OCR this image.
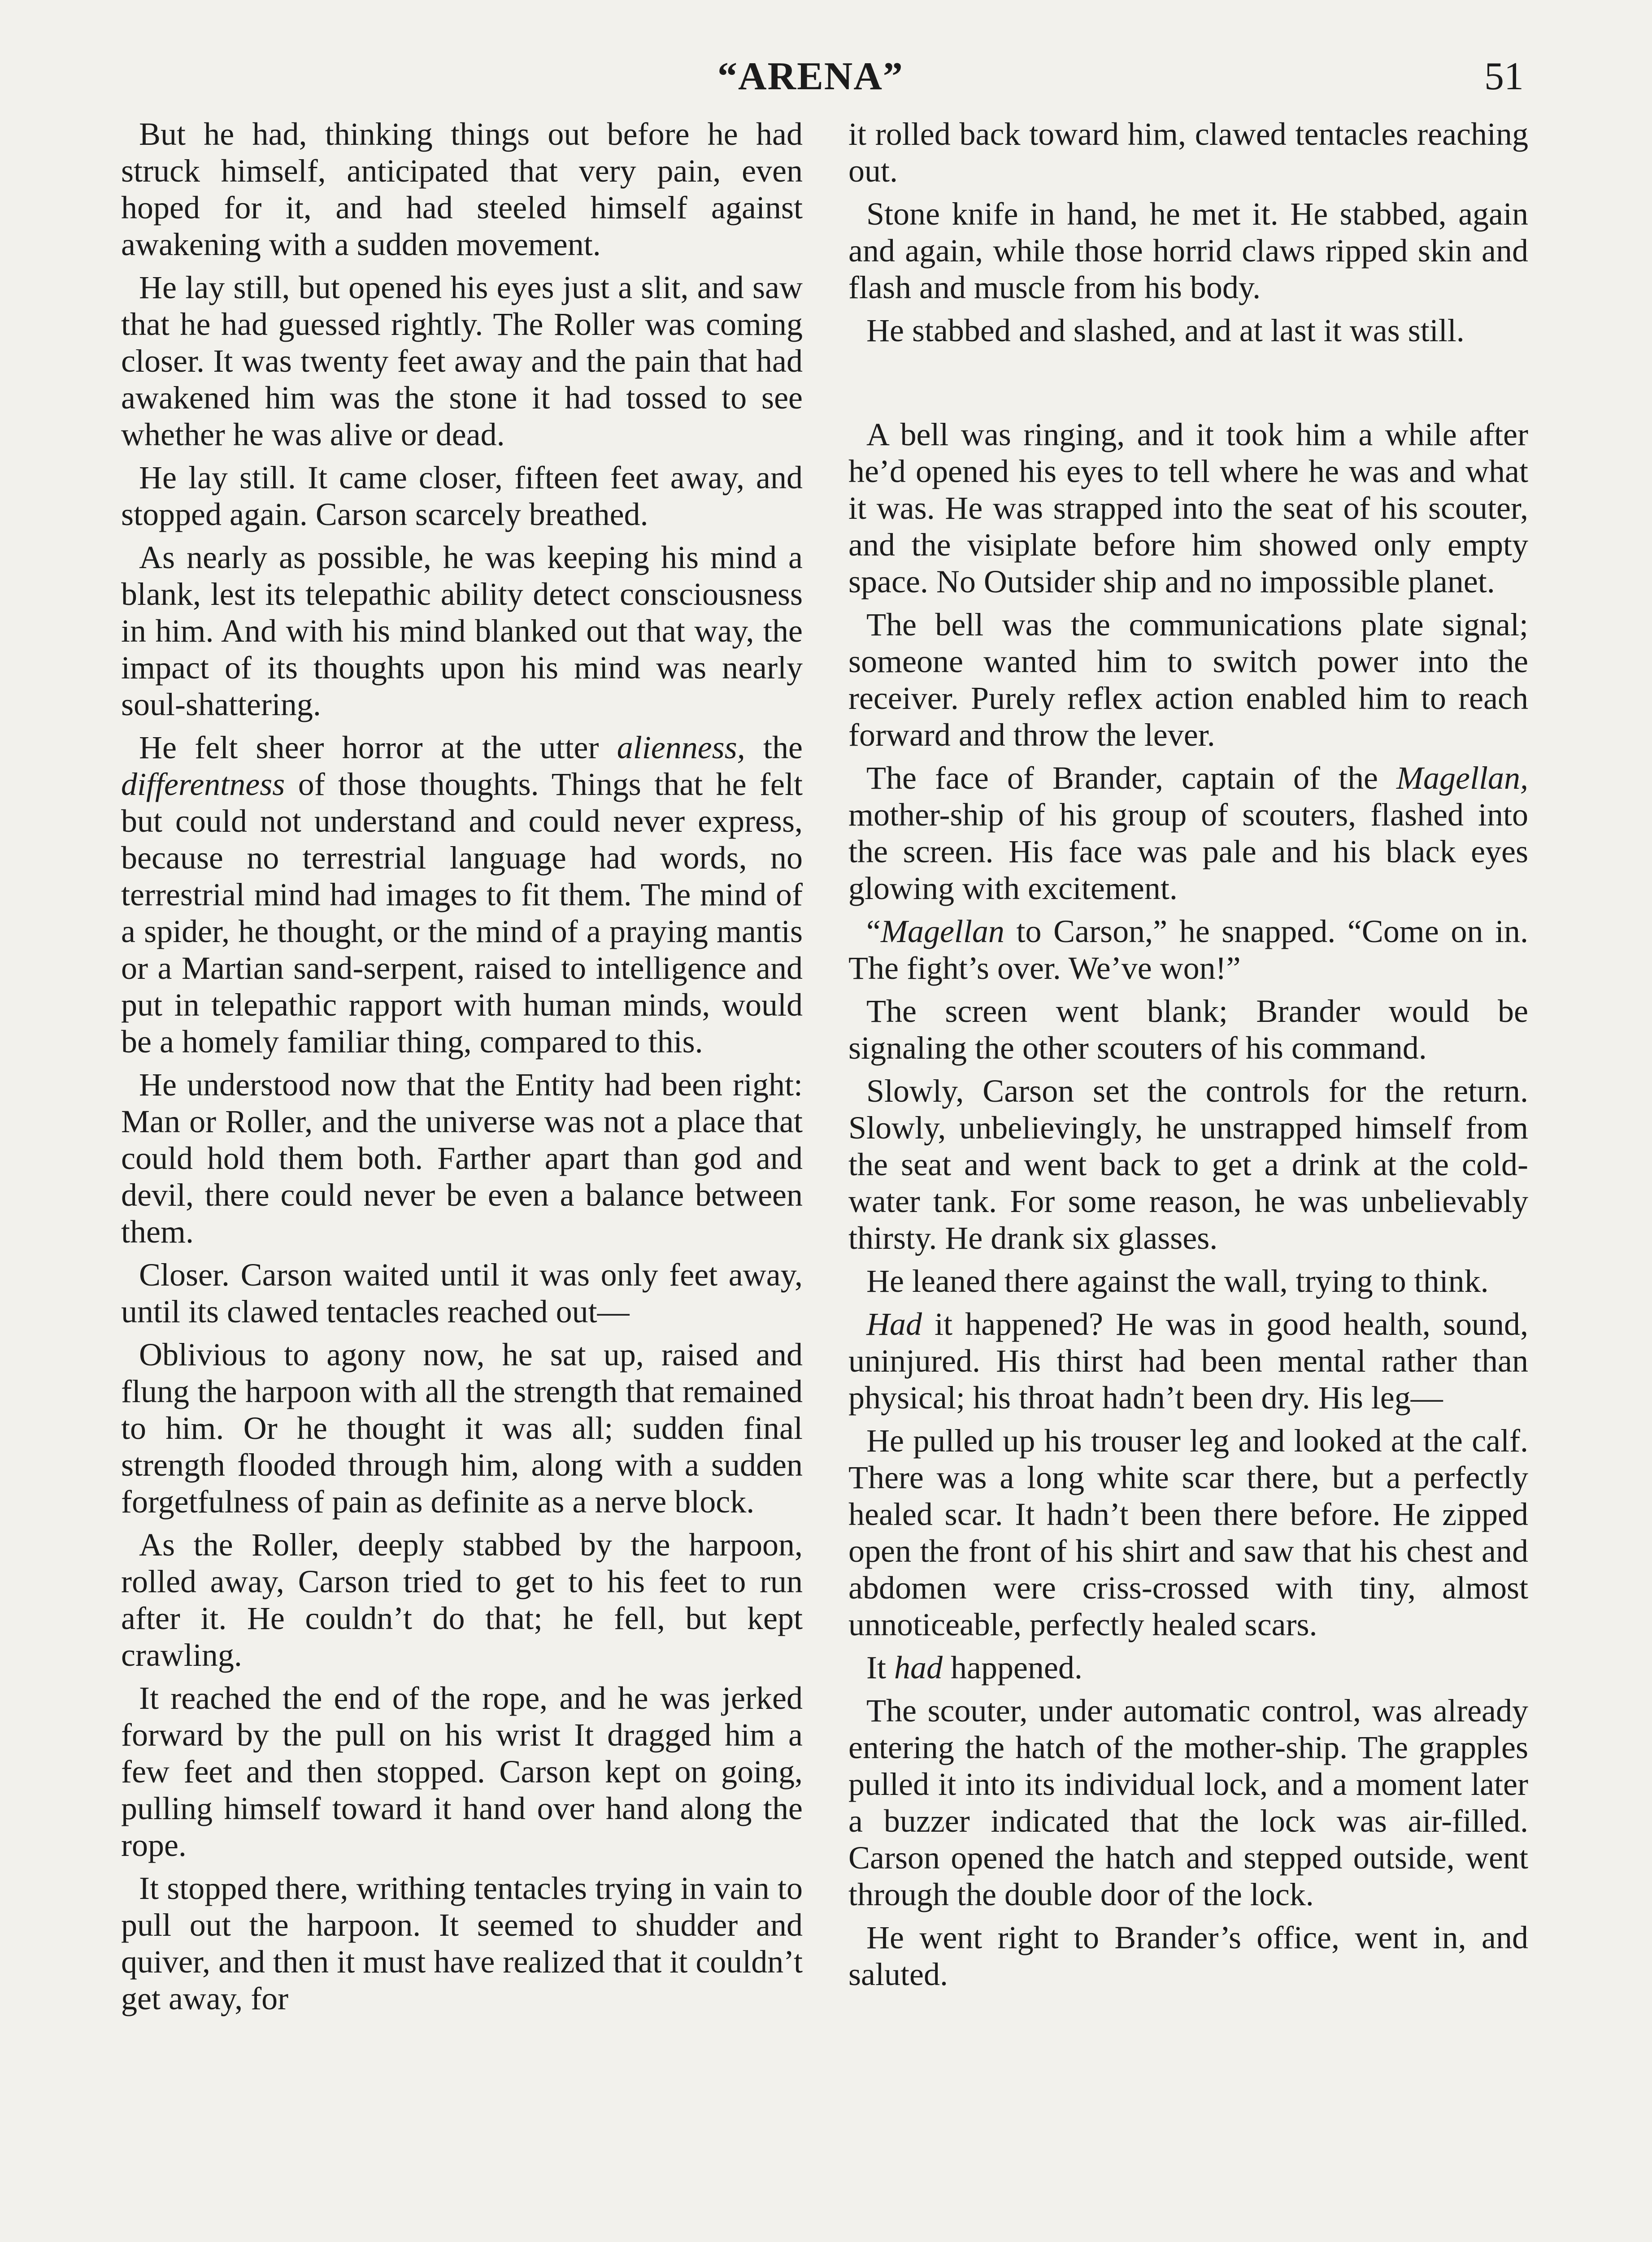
“ARENA”	51

But he had, thinking things out before he had struck himself, anticipated that very pain, even hoped for it, and had steeled himself against awakening with a sudden movement.

He lay still, but opened his eyes just a slit, and saw that he had guessed rightly. The Roller was coming closer. It was twenty feet away and the pain that had awakened him was the stone it had tossed to see whether he was alive or dead.

He lay still. It came closer, fifteen feet away, and stopped again. Carson scarcely breathed.

As nearly as possible, he was keeping his mind a blank, lest its telepathic ability detect consciousness in him. And with his mind blanked out that way, the impact of its thoughts upon his mind was nearly soul-shattering.

He felt sheer horror at the utter alienness, the differentness of those thoughts. Things that he felt but could not understand and could never express, because no terrestrial language had words, no terrestrial mind had images to fit them. The mind of a spider, he thought, or the mind of a praying mantis or a Martian sand-serpent, raised to intelligence and put in telepathic rapport with human minds, would be a homely familiar thing, compared to this.

He understood now that the Entity had been right: Man or Roller, and the universe was not a place that could hold them both. Farther apart than god and devil, there could never be even a balance between them.

Closer. Carson waited until it was only feet away, until its clawed tentacles reached out—

Oblivious to agony now, he sat up, raised and flung the harpoon with all the strength that remained to him. Or he thought it was all; sudden final strength flooded through him, along with a sudden forgetfulness of pain as definite as a nerve block.

As the Roller, deeply stabbed by the harpoon, rolled away, Carson tried to get to his feet to run after it. He couldn’t do that; he fell, but kept crawling.

It reached the end of the rope, and he was jerked forward by the pull on his wrist It dragged him a few feet and then stopped. Carson kept on going, pulling himself toward it hand over hand along the rope.

It stopped there, writhing tentacles trying in vain to pull out the harpoon. It seemed to shudder and quiver, and then it must have realized that it couldn’t get away, for

it rolled back toward him, clawed tentacles reaching out.

Stone knife in hand, he met it. He stabbed, again and again, while those horrid claws ripped skin and flash and muscle from his body.

He stabbed and slashed, and at last it was still.

A bell was ringing, and it took him a while after he’d opened his eyes to tell where he was and what it was. He was strapped into the seat of his scouter, and the visiplate before him showed only empty space. No Outsider ship and no impossible planet.

The bell was the communications plate signal; someone wanted him to switch power into the receiver. Purely reflex action enabled him to reach forward and throw the lever.

The face of Brander, captain of the Magellan, mother-ship of his group of scouters, flashed into the screen. His face was pale and his black eyes glowing with excitement.

“Magellan to Carson,” he snapped. “Come on in. The fight’s over. We’ve won!”

The screen went blank; Brander would be signaling the other scouters of his command.

Slowly, Carson set the controls for the return. Slowly, unbelievingly, he unstrapped himself from the seat and went back to get a drink at the cold-water tank. For some reason, he was unbelievably thirsty. He drank six glasses.

He leaned there against the wall, trying to think.

Had it happened? He was in good health, sound, uninjured. His thirst had been mental rather than physical; his throat hadn’t been dry. His leg—

He pulled up his trouser leg and looked at the calf. There was a long white scar there, but a perfectly healed scar. It hadn’t been there before. He zipped open the front of his shirt and saw that his chest and abdomen were criss-crossed with tiny, almost unnoticeable, perfectly healed scars.

It had happened.

The scouter, under automatic control, was already entering the hatch of the mother-ship. The grapples pulled it into its individual lock, and a moment later a buzzer indicated that the lock was air-filled. Carson opened the hatch and stepped outside, went through the double door of the lock.

He went right to Brander’s office, went in, and saluted.
